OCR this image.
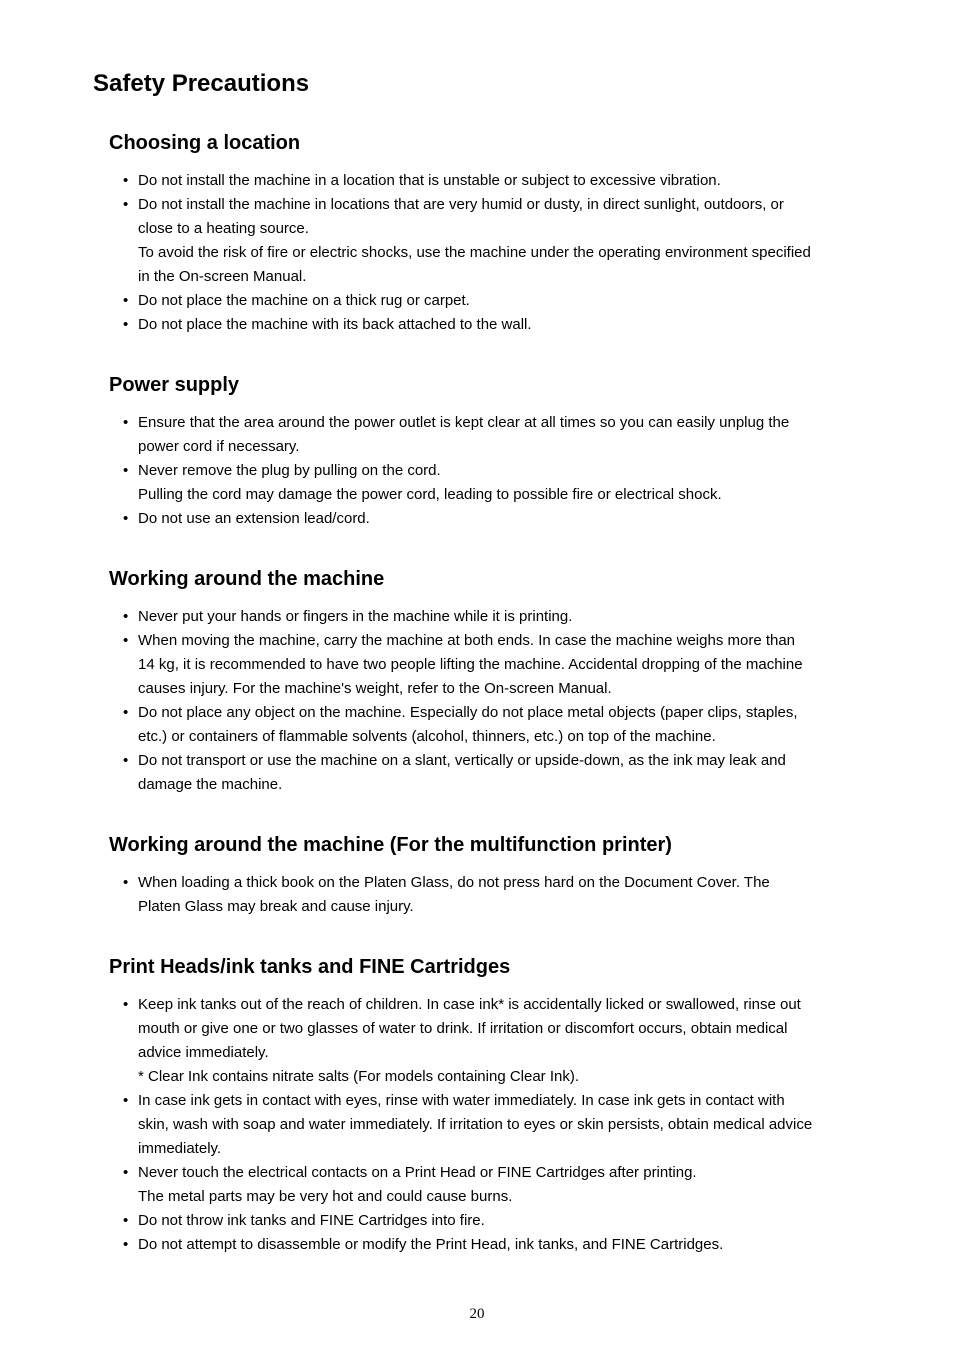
Safety Precautions
Choosing a location
• Do not install the machine in a location that is unstable or subject to excessive vibration.
• Do not install the machine in locations that are very humid or dusty, in direct sunlight, outdoors, or
close to a heating source.
To avoid the risk of fire or electric shocks, use the machine under the operating environment specified
in the On-screen Manual.
• Do not place the machine on a thick rug or carpet.
• Do not place the machine with its back attached to the wall.
Power supply
• Ensure that the area around the power outlet is kept clear at all times so you can easily unplug the
power cord if necessary.
• Never remove the plug by pulling on the cord.
Pulling the cord may damage the power cord, leading to possible fire or electrical shock.
• Do not use an extension lead/cord.
Working around the machine
• Never put your hands or fingers in the machine while it is printing.
• When moving the machine, carry the machine at both ends. In case the machine weighs more than
14 kg, it is recommended to have two people lifting the machine. Accidental dropping of the machine
causes injury. For the machine's weight, refer to the On-screen Manual.
• Do not place any object on the machine. Especially do not place metal objects (paper clips, staples,
etc.) or containers of flammable solvents (alcohol, thinners, etc.) on top of the machine.
• Do not transport or use the machine on a slant, vertically or upside-down, as the ink may leak and
damage the machine.
Working around the machine (For the multifunction printer)
• When loading a thick book on the Platen Glass, do not press hard on the Document Cover. The
Platen Glass may break and cause injury.
Print Heads/ink tanks and FINE Cartridges
• Keep ink tanks out of the reach of children. In case ink* is accidentally licked or swallowed, rinse out
mouth or give one or two glasses of water to drink. If irritation or discomfort occurs, obtain medical
advice immediately.
* Clear Ink contains nitrate salts (For models containing Clear Ink).
• In case ink gets in contact with eyes, rinse with water immediately. In case ink gets in contact with
skin, wash with soap and water immediately. If irritation to eyes or skin persists, obtain medical advice
immediately.
• Never touch the electrical contacts on a Print Head or FINE Cartridges after printing.
The metal parts may be very hot and could cause burns.
• Do not throw ink tanks and FINE Cartridges into fire.
• Do not attempt to disassemble or modify the Print Head, ink tanks, and FINE Cartridges.
20
